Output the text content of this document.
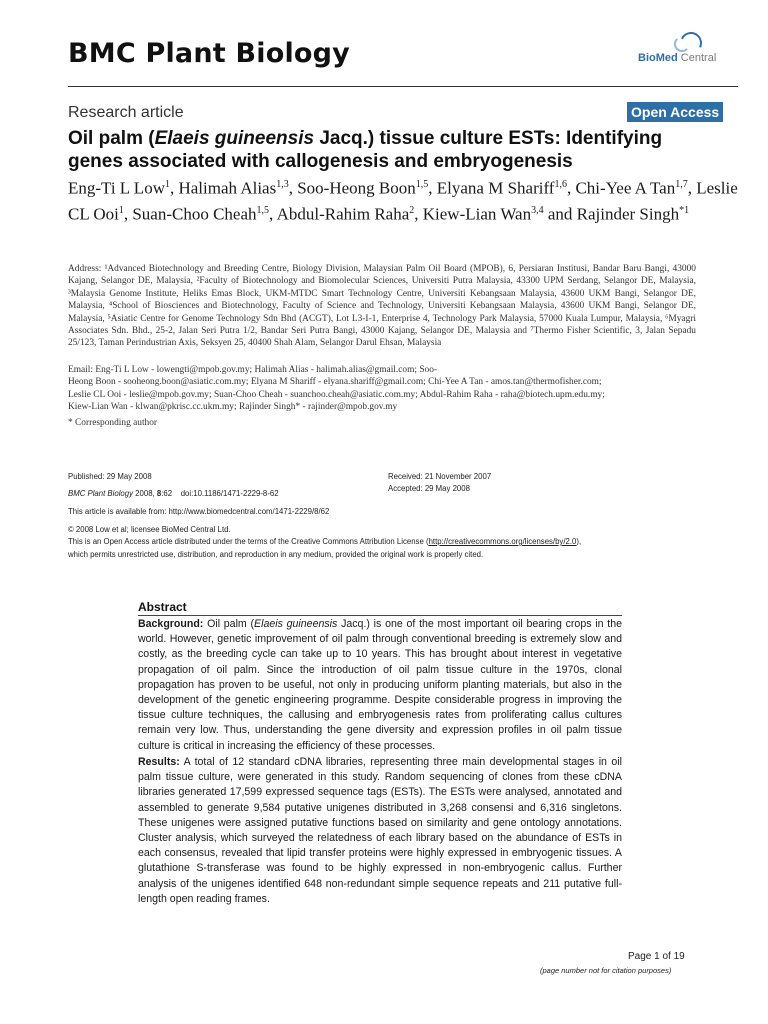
BMC Plant Biology	BioMed Central
Research article	Open Access
Oil palm (Elaeis guineensis Jacq.) tissue culture ESTs: Identifying genes associated with callogenesis and embryogenesis
Eng-Ti L Low$^1$, Halimah Alias$^{1,3}$, Soo-Heong Boon$^{1,5}$, Elyana M Shariff$^{1,6}$, Chi-Yee A Tan$^{1,7}$, Leslie CL Ooi$^1$, Suan-Choo Cheah$^{1,5}$, Abdul-Rahim Raha$^2$, Kiew-Lian Wan$^{3,4}$ and Rajinder Singh$^{*1}$
Address: ¹Advanced Biotechnology and Breeding Centre, Biology Division, Malaysian Palm Oil Board (MPOB), 6, Persiaran Institusi, Bandar Baru Bangi, 43000 Kajang, Selangor DE, Malaysia, ²Faculty of Biotechnology and Biomolecular Sciences, Universiti Putra Malaysia, 43300 UPM Serdang, Selangor DE, Malaysia, ³Malaysia Genome Institute, Heliks Emas Block, UKM-MTDC Smart Technology Centre, Universiti Kebangsaan Malaysia, 43600 UKM Bangi, Selangor DE, Malaysia, ⁴School of Biosciences and Biotechnology, Faculty of Science and Technology, Universiti Kebangsaan Malaysia, 43600 UKM Bangi, Selangor DE, Malaysia, ⁵Asiatic Centre for Genome Technology Sdn Bhd (ACGT), Lot L3-I-1, Enterprise 4, Technology Park Malaysia, 57000 Kuala Lumpur, Malaysia, ⁶Myagri Associates Sdn. Bhd., 25-2, Jalan Seri Putra 1/2, Bandar Seri Putra Bangi, 43000 Kajang, Selangor DE, Malaysia and ⁷Thermo Fisher Scientific, 3, Jalan Sepadu 25/123, Taman Perindustrian Axis, Seksyen 25, 40400 Shah Alam, Selangor Darul Ehsan, Malaysia
Email: Eng-Ti L Low - lowengti@mpob.gov.my; Halimah Alias - halimah.alias@gmail.com; Soo-
Heong Boon - sooheong.boon@asiatic.com.my; Elyana M Shariff - elyana.shariff@gmail.com; Chi-Yee A Tan - amos.tan@thermofisher.com;
Leslie CL Ooi - leslie@mpob.gov.my; Suan-Choo Cheah - suanchoo.cheah@asiatic.com.my; Abdul-Rahim Raha - raha@biotech.upm.edu.my;
Kiew-Lian Wan - klwan@pkrisc.cc.ukm.my; Rajinder Singh* - rajinder@mpob.gov.my
* Corresponding author
Published: 29 May 2008
BMC Plant Biology 2008, 8:62    doi:10.1186/1471-2229-8-62
Received: 21 November 2007
Accepted: 29 May 2008
This article is available from: http://www.biomedcentral.com/1471-2229/8/62
© 2008 Low et al; licensee BioMed Central Ltd.
This is an Open Access article distributed under the terms of the Creative Commons Attribution License (http://creativecommons.org/licenses/by/2.0),
which permits unrestricted use, distribution, and reproduction in any medium, provided the original work is properly cited.
Abstract
Background: Oil palm (Elaeis guineensis Jacq.) is one of the most important oil bearing crops in the world. However, genetic improvement of oil palm through conventional breeding is extremely slow and costly, as the breeding cycle can take up to 10 years. This has brought about interest in vegetative propagation of oil palm. Since the introduction of oil palm tissue culture in the 1970s, clonal propagation has proven to be useful, not only in producing uniform planting materials, but also in the development of the genetic engineering programme. Despite considerable progress in improving the tissue culture techniques, the callusing and embryogenesis rates from proliferating callus cultures remain very low. Thus, understanding the gene diversity and expression profiles in oil palm tissue culture is critical in increasing the efficiency of these processes.
Results: A total of 12 standard cDNA libraries, representing three main developmental stages in oil palm tissue culture, were generated in this study. Random sequencing of clones from these cDNA libraries generated 17,599 expressed sequence tags (ESTs). The ESTs were analysed, annotated and assembled to generate 9,584 putative unigenes distributed in 3,268 consensi and 6,316 singletons. These unigenes were assigned putative functions based on similarity and gene ontology annotations. Cluster analysis, which surveyed the relatedness of each library based on the abundance of ESTs in each consensus, revealed that lipid transfer proteins were highly expressed in embryogenic tissues. A glutathione S-transferase was found to be highly expressed in non-embryogenic callus. Further analysis of the unigenes identified 648 non-redundant simple sequence repeats and 211 putative full-length open reading frames.
Page 1 of 19
(page number not for citation purposes)
